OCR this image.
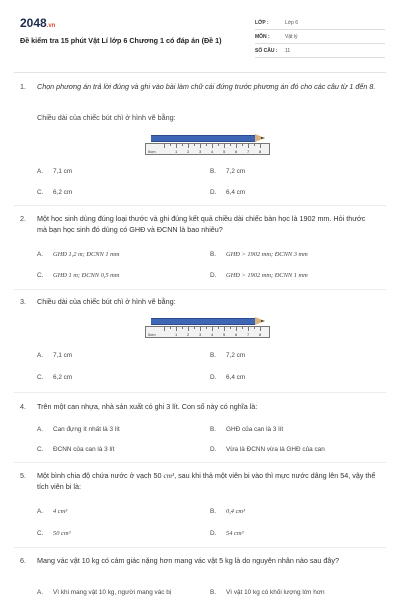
2048.vn
Đề kiểm tra 15 phút Vật Lí lớp 6 Chương 1 có đáp án (Đề 1)
LỚP :	Lớp 6
MÔN :	Vật lý
SỐ CÂU :	11
1. Chọn phương án trả lời đúng và ghi vào bài làm chữ cái đứng trước phương án đó cho các câu từ 1 đến 8.
Chiều dài của chiếc bút chì ở hình vẽ bằng:
0cm	1 2 3 4 5 6 7 8
A. 7,1 cm	B. 7,2 cm
C. 6,2 cm	D. 6,4 cm
2. Một học sinh dùng đúng loại thước và ghi đúng kết quả chiều dài chiếc bàn học là 1902 mm. Hỏi thước mà bạn học sinh đó dùng có GHĐ và ĐCNN là bao nhiêu?
A. GHĐ 1,2 m; ĐCNN 1 mm	B. GHĐ > 1902 mm; ĐCNN 3 mm
C. GHĐ 1 m; ĐCNN 0,5 mm	D. GHĐ > 1902 mm; ĐCNN 1 mm
3. Chiều dài của chiếc bút chì ở hình vẽ bằng:
0cm	1 2 3 4 5 6 7 8
A. 7,1 cm	B. 7,2 cm
C. 6,2 cm	D. 6,4 cm
4. Trên một can nhựa, nhà sản xuất có ghi 3 lít. Con số này có nghĩa là:
A. Can đựng ít nhất là 3 lít	B. GHĐ của can là 3 lít
C. ĐCNN của can là 3 lít	D. Vừa là ĐCNN vừa là GHĐ của can
5. Một bình chia độ chứa nước ở vạch 50 cm³, sau khi thả một viên bi vào thì mực nước dâng lên 54, vậy thể tích viên bi là:
A. 4 cm³	B. 0,4 cm³
C. 50 cm³	D. 54 cm³
6. Mang vác vật 10 kg có cảm giác nặng hơn mang vác vật 5 kg là do nguyên nhân nào sau đây?
A. Vì khi mang vật 10 kg, người mang vác bị	B. Vì vật 10 kg có khối lượng lớn hơn
